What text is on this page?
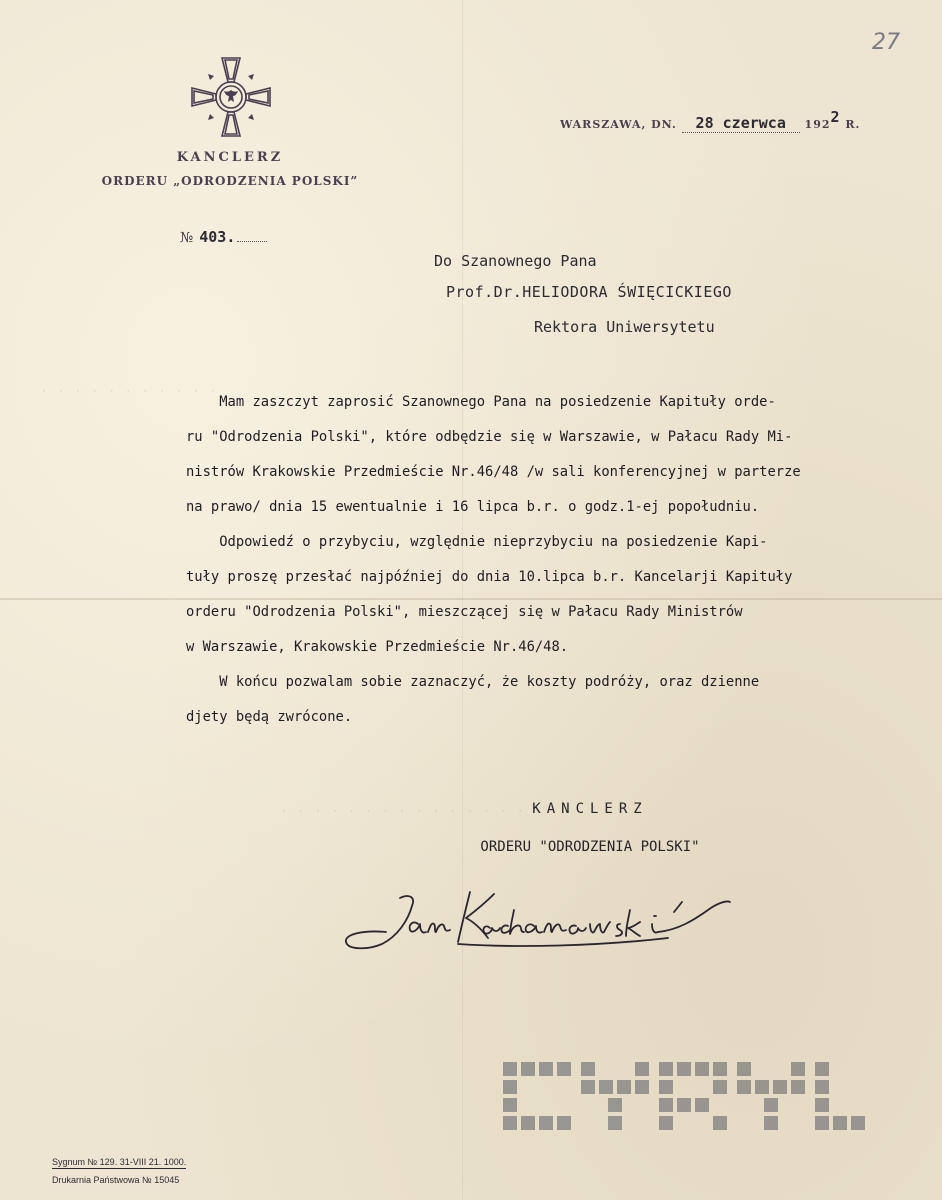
. . . . . . . . . . .
. . . . . . . . . . . . . . . . .
27
KANCLERZ
ORDERU „ODRODZENIA POLSKI”
№ 403.
WARSZAWA, DN. 28 czerwca 1922 R.
Do Szanownego Pana
Prof.Dr.HELIODORA ŚWIĘCICKIEGO
Rektora Uniwersytetu
Mam zaszczyt zaprosić Szanownego Pana na posiedzenie Kapituły orde-
ru "Odrodzenia Polski", które odbędzie się w Warszawie, w Pałacu Rady Mi-
nistrów Krakowskie Przedmieście Nr.46/48 /w sali konferencyjnej w parterze
na prawo/ dnia 15 ewentualnie i 16 lipca b.r. o godz.1-ej popołudniu.
Odpowiedź o przybyciu, względnie nieprzybyciu na posiedzenie Kapi-
tuły proszę przesłać najpóźniej do dnia 10.lipca b.r. Kancelarji Kapituły
orderu "Odrodzenia Polski", mieszczącej się w Pałacu Rady Ministrów
w Warszawie, Krakowskie Przedmieście Nr.46/48.
W końcu pozwalam sobie zaznaczyć, że koszty podróży, oraz dzienne
djety będą zwrócone.
KANCLERZ
ORDERU "ODRODZENIA POLSKI"
Sygnum № 129. 31-VIII 21. 1000.
Drukarnia Państwowa № 15045
